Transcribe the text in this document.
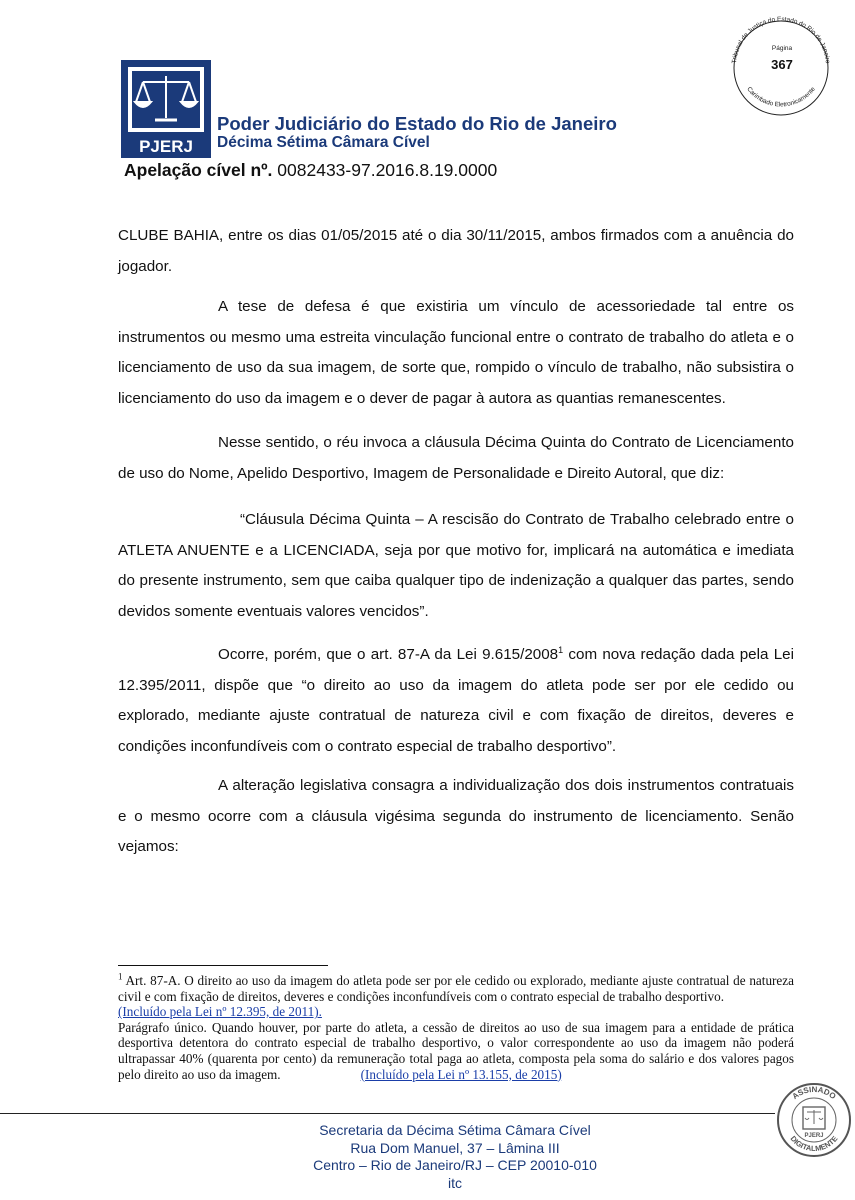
PJERJ
Poder Judiciário do Estado do Rio de Janeiro
Décima Sétima Câmara Cível
Apelação cível nº. 0082433-97.2016.8.19.0000
Tribunal de Justiça do Estado do Rio de Janeiro
Carimbado Eletronicamente
Página
367

CLUBE BAHIA, entre os dias 01/05/2015 até o dia 30/11/2015, ambos firmados com a anuência do jogador.

A tese de defesa é que existiria um vínculo de acessoriedade tal entre os instrumentos ou mesmo uma estreita vinculação funcional entre o contrato de trabalho do atleta e o licenciamento de uso da sua imagem, de sorte que, rompido o vínculo de trabalho, não subsistira o licenciamento do uso da imagem e o dever de pagar à autora as quantias remanescentes.

Nesse sentido, o réu invoca a cláusula Décima Quinta do Contrato de Licenciamento de uso do Nome, Apelido Desportivo, Imagem de Personalidade e Direito Autoral, que diz:

“Cláusula Décima Quinta – A rescisão do Contrato de Trabalho celebrado entre o ATLETA ANUENTE e a LICENCIADA, seja por que motivo for, implicará na automática e imediata do presente instrumento, sem que caiba qualquer tipo de indenização a qualquer das partes, sendo devidos somente eventuais valores vencidos”.

Ocorre, porém, que o art. 87-A da Lei 9.615/2008$^1$ com nova redação dada pela Lei 12.395/2011, dispõe que “o direito ao uso da imagem do atleta pode ser por ele cedido ou explorado, mediante ajuste contratual de natureza civil e com fixação de direitos, deveres e condições inconfundíveis com o contrato especial de trabalho desportivo”.

A alteração legislativa consagra a individualização dos dois instrumentos contratuais e o mesmo ocorre com a cláusula vigésima segunda do instrumento de licenciamento. Senão vejamos:

$^1$ Art. 87-A. O direito ao uso da imagem do atleta pode ser por ele cedido ou explorado, mediante ajuste contratual de natureza civil e com fixação de direitos, deveres e condições inconfundíveis com o contrato especial de trabalho desportivo.(Incluído pela Lei nº 12.395, de 2011).

Parágrafo único. Quando houver, por parte do atleta, a cessão de direitos ao uso de sua imagem para a entidade de prática desportiva detentora do contrato especial de trabalho desportivo, o valor correspondente ao uso da imagem não poderá ultrapassar 40% (quarenta por cento) da remuneração total paga ao atleta, composta pela soma do salário e dos valores pagos pelo direito ao uso da imagem.	(Incluído pela Lei nº 13.155, de 2015)

Secretaria da Décima Sétima Câmara Cível
Rua Dom Manuel, 37 – Lâmina III
Centro – Rio de Janeiro/RJ – CEP 20010-010
itc
ASSINADO
DIGITALMENTE
PJERJ
